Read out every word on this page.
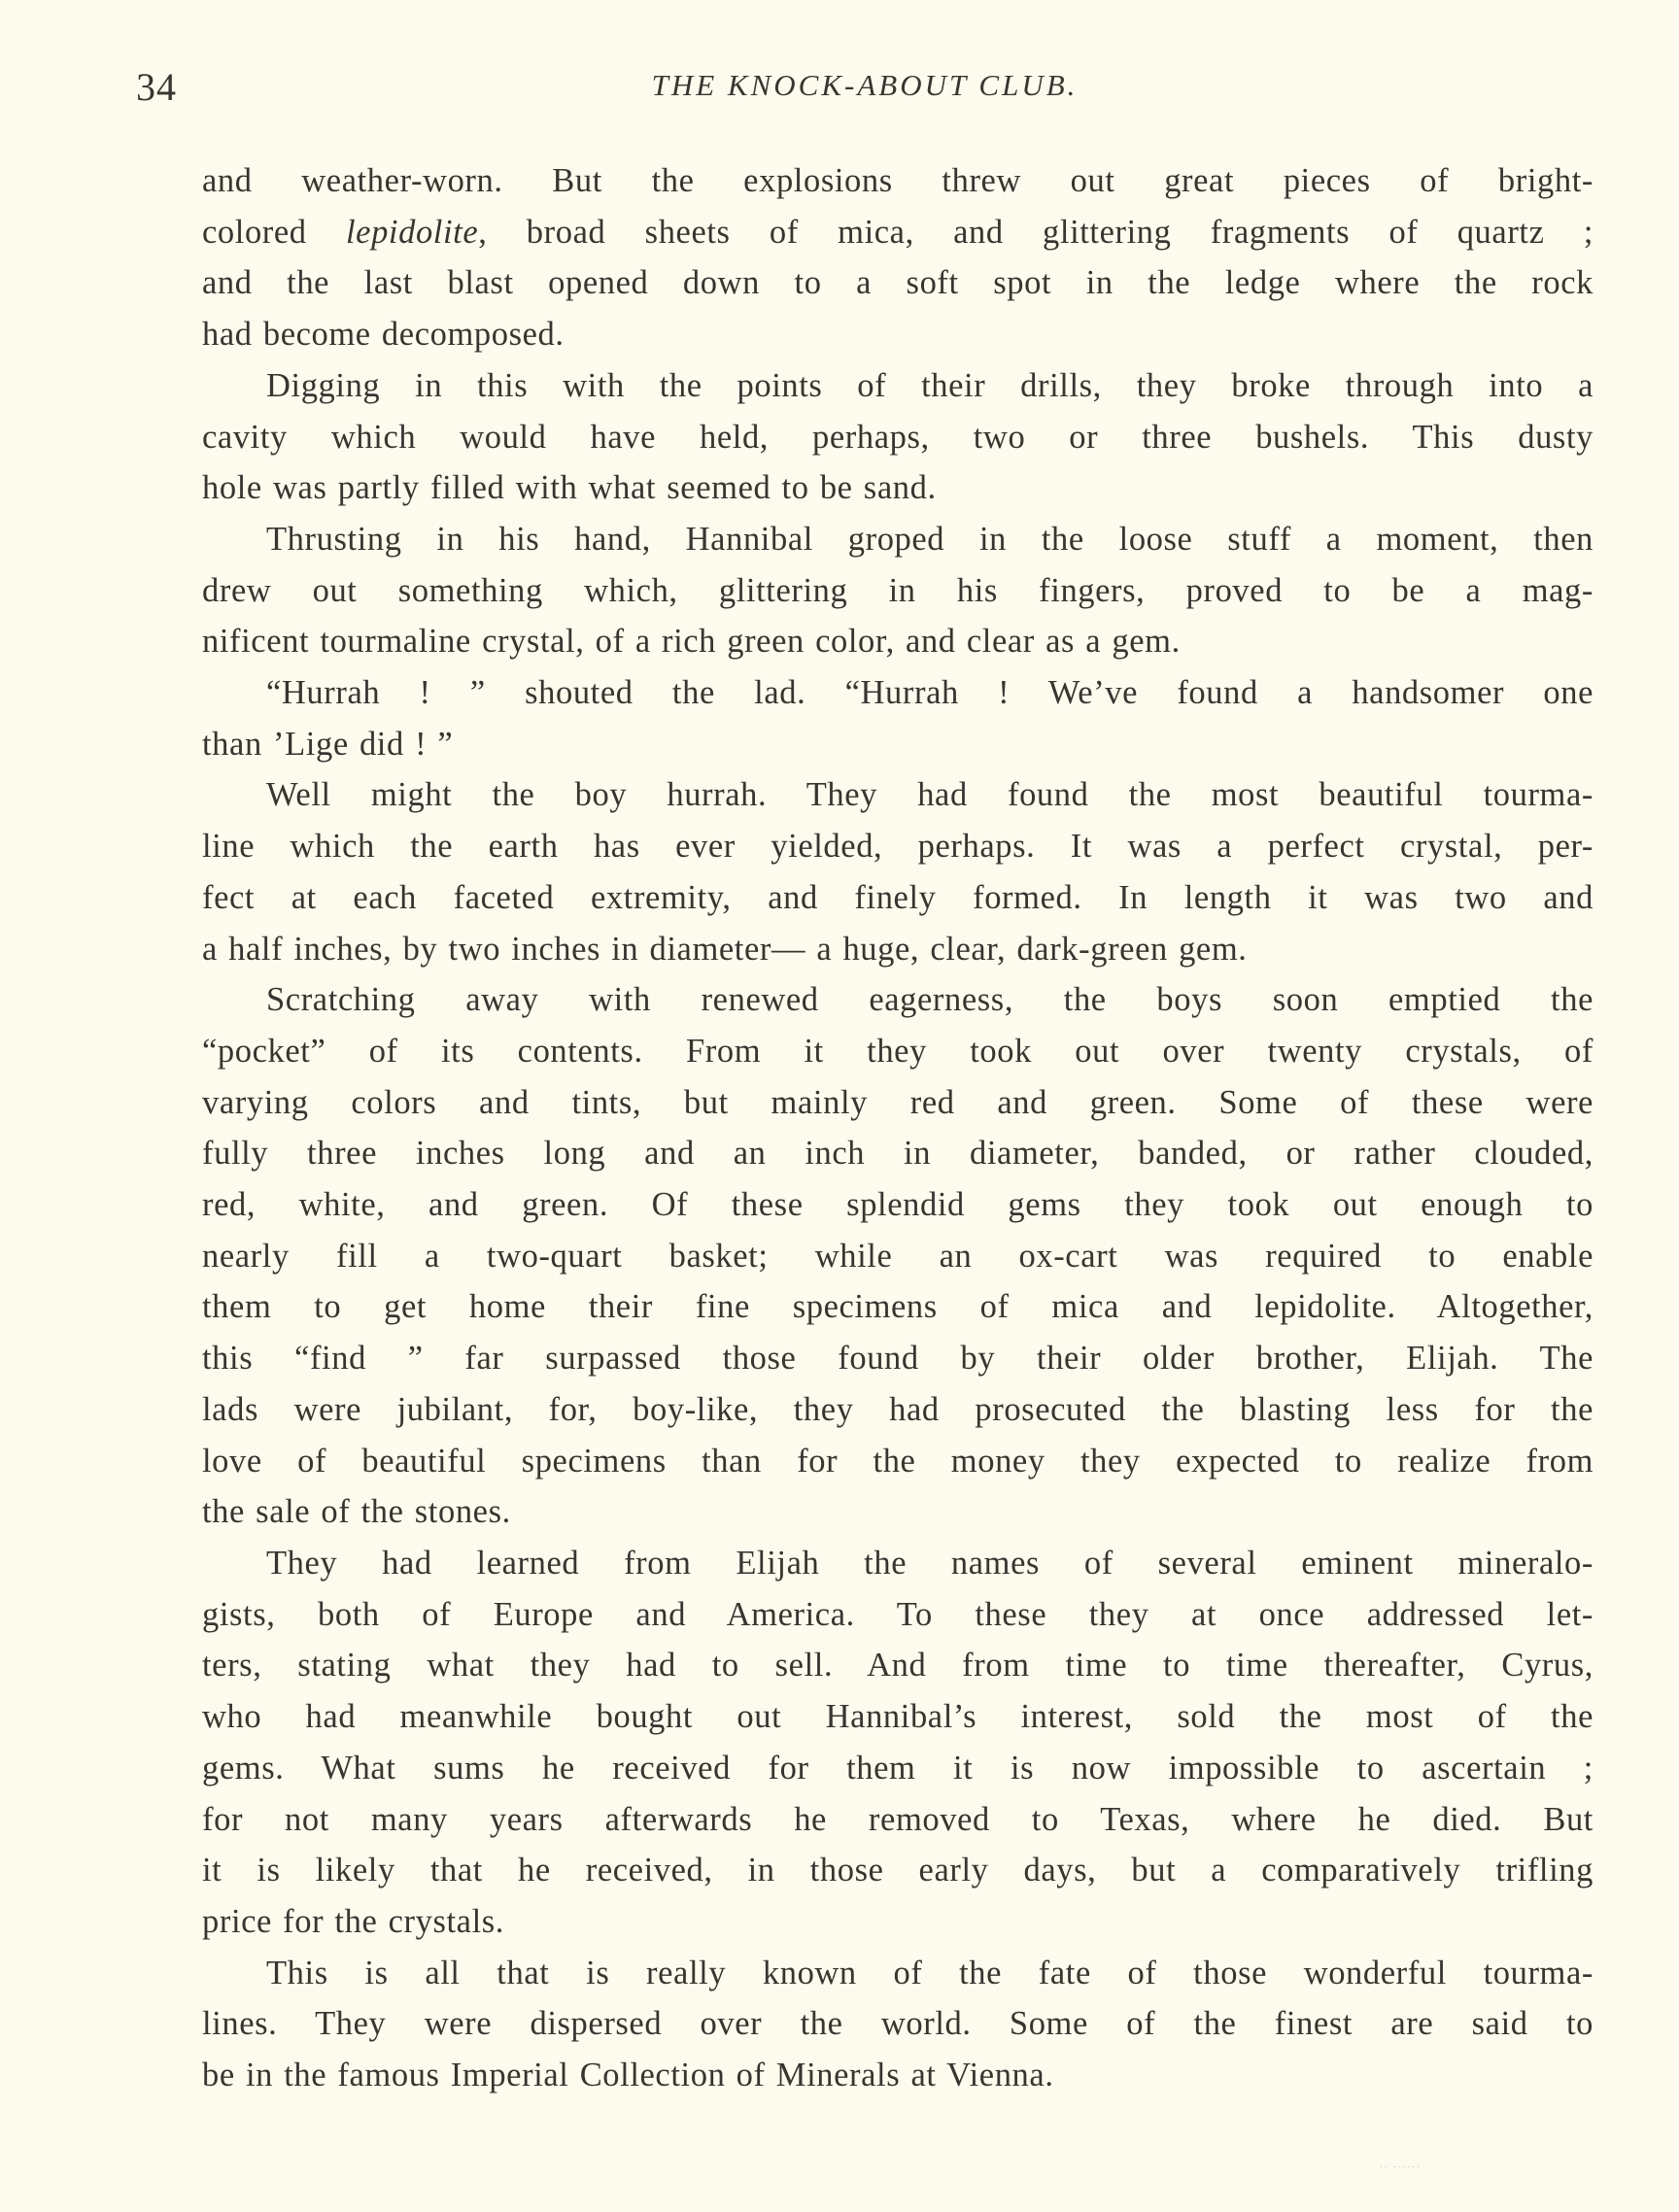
34	THE KNOCK-ABOUT CLUB.
and weather-worn. But the explosions threw out great pieces of bright-
colored lepidolite, broad sheets of mica, and glittering fragments of quartz ;
and the last blast opened down to a soft spot in the ledge where the rock
had become decomposed.
Digging in this with the points of their drills, they broke through into a
cavity which would have held, perhaps, two or three bushels. This dusty
hole was partly filled with what seemed to be sand.
Thrusting in his hand, Hannibal groped in the loose stuff a moment, then
drew out something which, glittering in his fingers, proved to be a mag-
nificent tourmaline crystal, of a rich green color, and clear as a gem.
“Hurrah ! ” shouted the lad. “Hurrah ! We’ve found a handsomer one
than ’Lige did ! ”
Well might the boy hurrah. They had found the most beautiful tourma-
line which the earth has ever yielded, perhaps. It was a perfect crystal, per-
fect at each faceted extremity, and finely formed. In length it was two and
a half inches, by two inches in diameter— a huge, clear, dark-green gem.
Scratching away with renewed eagerness, the boys soon emptied the
“pocket” of its contents. From it they took out over twenty crystals, of
varying colors and tints, but mainly red and green. Some of these were
fully three inches long and an inch in diameter, banded, or rather clouded,
red, white, and green. Of these splendid gems they took out enough to
nearly fill a two-quart basket; while an ox-cart was required to enable
them to get home their fine specimens of mica and lepidolite. Altogether,
this “find ” far surpassed those found by their older brother, Elijah. The
lads were jubilant, for, boy-like, they had prosecuted the blasting less for the
love of beautiful specimens than for the money they expected to realize from
the sale of the stones.
They had learned from Elijah the names of several eminent mineralo-
gists, both of Europe and America. To these they at once addressed let-
ters, stating what they had to sell. And from time to time thereafter, Cyrus,
who had meanwhile bought out Hannibal’s interest, sold the most of the
gems. What sums he received for them it is now impossible to ascertain ;
for not many years afterwards he removed to Texas, where he died. But
it is likely that he received, in those early days, but a comparatively trifling
price for the crystals.
This is all that is really known of the fate of those wonderful tourma-
lines. They were dispersed over the world. Some of the finest are said to
be in the famous Imperial Collection of Minerals at Vienna.
ˑˑ ˑˑˑˑˑˑ
